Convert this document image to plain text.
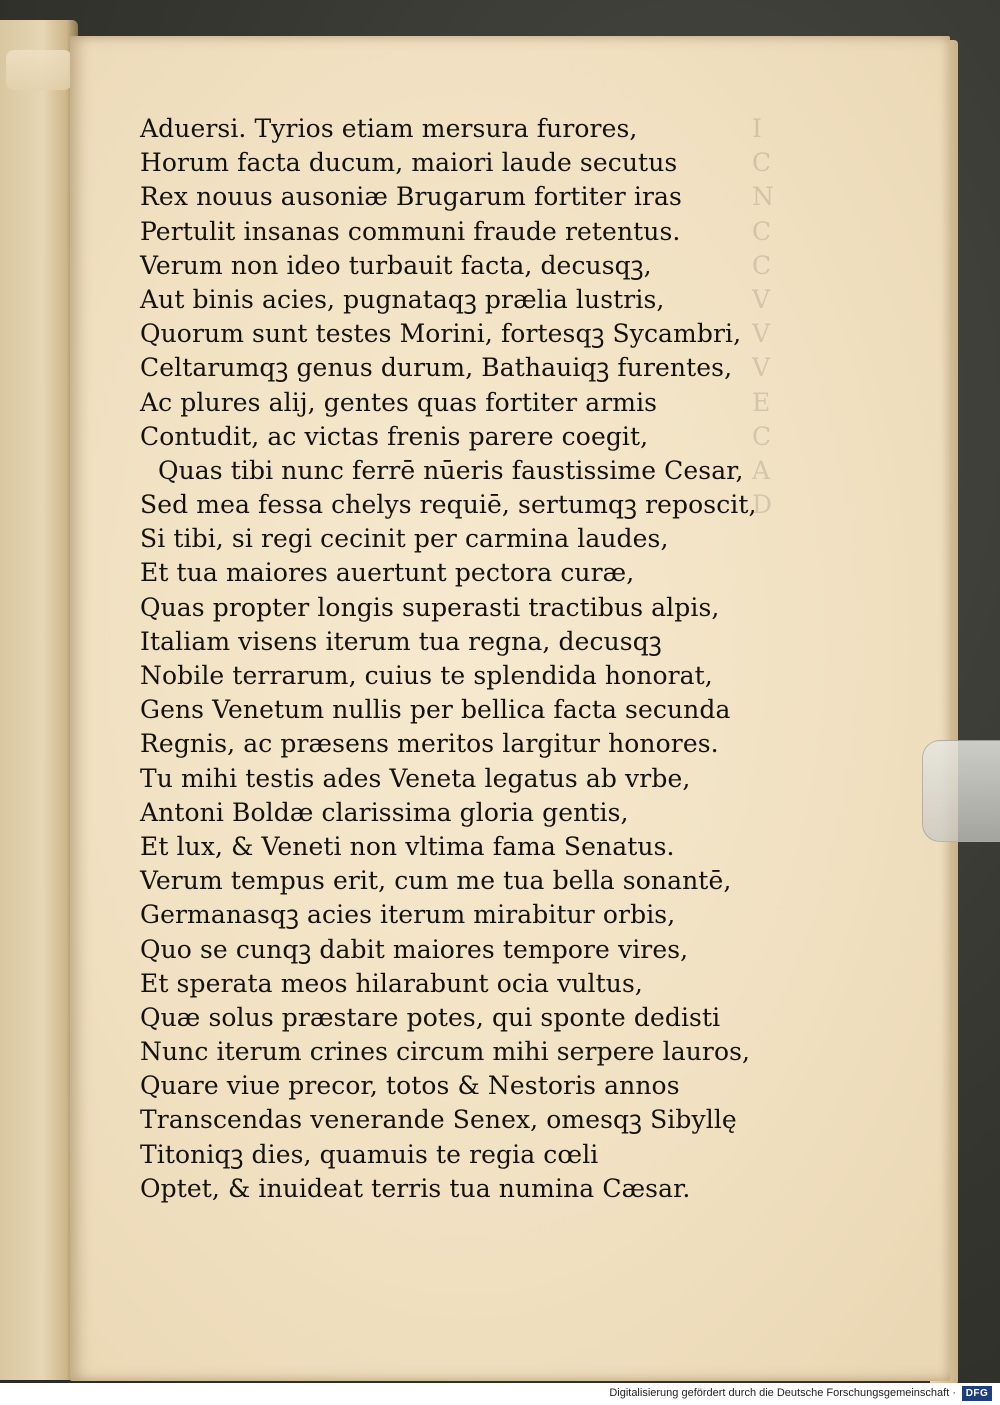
I
C
N
C
C
V
V
V
E
C
A
D

Aduersi. Tyrios etiam mersura furores,

Horum facta ducum, maiori laude secutus

Rex nouus ausoniæ Brugarum fortiter iras

Pertulit insanas communi fraude retentus.

Verum non ideo turbauit facta, decusqꝫ,

Aut binis acies, pugnataqꝫ prælia lustris,

Quorum sunt testes Morini, fortesqꝫ Sycambri,

Celtarumqꝫ genus durum, Bathauiqꝫ furentes,

Ac plures alij, gentes quas fortiter armis

Contudit, ac victas frenis parere coegit,

Quas tibi nunc ferrē nūeris faustissime Cesar,

Sed mea fessa chelys requiē, sertumqꝫ reposcit,

Si tibi, si regi cecinit per carmina laudes,

Et tua maiores auertunt pectora curæ,

Quas propter longis superasti tractibus alpis,

Italiam visens iterum tua regna, decusqꝫ

Nobile terrarum, cuius te splendida honorat,

Gens Venetum nullis per bellica facta secunda

Regnis, ac præsens meritos largitur honores.

Tu mihi testis ades Veneta legatus ab vrbe,

Antoni Boldæ clarissima gloria gentis,

Et lux, & Veneti non vltima fama Senatus.

Verum tempus erit, cum me tua bella sonantē,

Germanasqꝫ acies iterum mirabitur orbis,

Quo se cunqꝫ dabit maiores tempore vires,

Et sperata meos hilarabunt ocia vultus,

Quæ solus præstare potes, qui sponte dedisti

Nunc iterum crines circum mihi serpere lauros,

Quare viue precor, totos & Nestoris annos

Transcendas venerande Senex, omesqꝫ Sibyllę

Titoniqꝫ dies, quamuis te regia cœli

Optet, & inuideat terris tua numina Cæsar.

Digitalisierung gefördert durch die Deutsche Forschungsgemeinschaft · DFG
